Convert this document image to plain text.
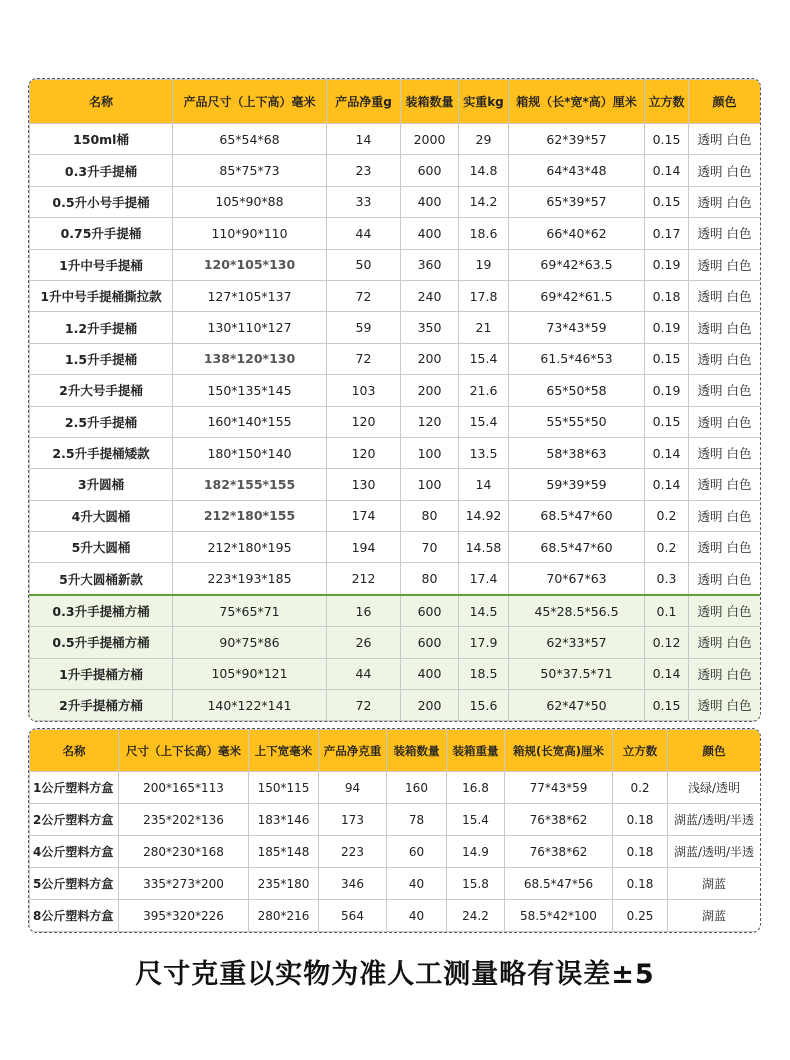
名称	产品尺寸（上下高）毫米	产品净重g	装箱数量	实重kg	箱规（长*宽*高）厘米	立方数	颜色
150ml桶	65*54*68	14	2000	29	62*39*57	0.15	透明 白色
0.3升手提桶	85*75*73	23	600	14.8	64*43*48	0.14	透明 白色
0.5升小号手提桶	105*90*88	33	400	14.2	65*39*57	0.15	透明 白色
0.75升手提桶	110*90*110	44	400	18.6	66*40*62	0.17	透明 白色
1升中号手提桶	120*105*130	50	360	19	69*42*63.5	0.19	透明 白色
1升中号手提桶撕拉款	127*105*137	72	240	17.8	69*42*61.5	0.18	透明 白色
1.2升手提桶	130*110*127	59	350	21	73*43*59	0.19	透明 白色
1.5升手提桶	138*120*130	72	200	15.4	61.5*46*53	0.15	透明 白色
2升大号手提桶	150*135*145	103	200	21.6	65*50*58	0.19	透明 白色
2.5升手提桶	160*140*155	120	120	15.4	55*55*50	0.15	透明 白色
2.5升手提桶矮款	180*150*140	120	100	13.5	58*38*63	0.14	透明 白色
3升圆桶	182*155*155	130	100	14	59*39*59	0.14	透明 白色
4升大圆桶	212*180*155	174	80	14.92	68.5*47*60	0.2	透明 白色
5升大圆桶	212*180*195	194	70	14.58	68.5*47*60	0.2	透明 白色
5升大圆桶新款	223*193*185	212	80	17.4	70*67*63	0.3	透明 白色
0.3升手提桶方桶	75*65*71	16	600	14.5	45*28.5*56.5	0.1	透明 白色
0.5升手提桶方桶	90*75*86	26	600	17.9	62*33*57	0.12	透明 白色
1升手提桶方桶	105*90*121	44	400	18.5	50*37.5*71	0.14	透明 白色
2升手提桶方桶	140*122*141	72	200	15.6	62*47*50	0.15	透明 白色
名称	尺寸（上下长高）毫米	上下宽毫米	产品净克重	装箱数量	装箱重量	箱规(长宽高)厘米	立方数	颜色
1公斤塑料方盒	200*165*113	150*115	94	160	16.8	77*43*59	0.2	浅绿/透明
2公斤塑料方盒	235*202*136	183*146	173	78	15.4	76*38*62	0.18	湖蓝/透明/半透
4公斤塑料方盒	280*230*168	185*148	223	60	14.9	76*38*62	0.18	湖蓝/透明/半透
5公斤塑料方盒	335*273*200	235*180	346	40	15.8	68.5*47*56	0.18	湖蓝
8公斤塑料方盒	395*320*226	280*216	564	40	24.2	58.5*42*100	0.25	湖蓝
尺寸克重以实物为准人工测量略有误差±5
